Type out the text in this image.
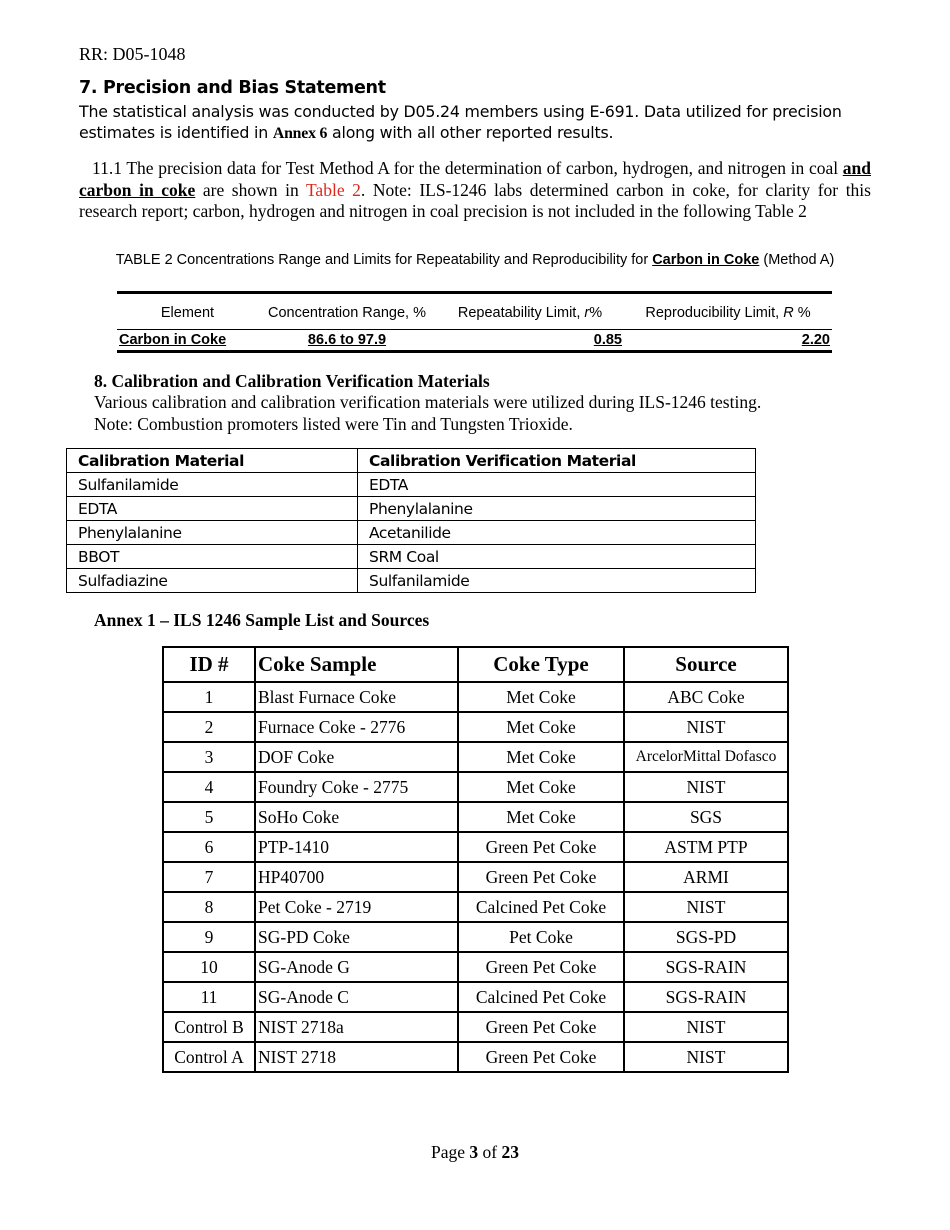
RR: D05-1048
7. Precision and Bias Statement
The statistical analysis was conducted by D05.24 members using E-691. Data utilized for precision estimates is identified in Annex 6 along with all other reported results.
11.1 The precision data for Test Method A for the determination of carbon, hydrogen, and nitrogen in coal and carbon in coke are shown in Table 2. Note: ILS-1246 labs determined carbon in coke, for clarity for this research report; carbon, hydrogen and nitrogen in coal precision is not included in the following Table 2
TABLE 2 Concentrations Range and Limits for Repeatability and Reproducibility for Carbon in Coke (Method A)
Element	Concentration Range, %	Repeatability Limit, r%	Reproducibility Limit, R %
Carbon in Coke	86.6 to 97.9	0.85	2.20
8. Calibration and Calibration Verification Materials
Various calibration and calibration verification materials were utilized during ILS-1246 testing.
Note: Combustion promoters listed were Tin and Tungsten Trioxide.
Calibration Material	Calibration Verification Material
Sulfanilamide	EDTA
EDTA	Phenylalanine
Phenylalanine	Acetanilide
BBOT	SRM Coal
Sulfadiazine	Sulfanilamide
Annex 1 – ILS 1246 Sample List and Sources
ID #	Coke Sample	Coke Type	Source
1	Blast Furnace Coke	Met Coke	ABC Coke
2	Furnace Coke - 2776	Met Coke	NIST
3	DOF Coke	Met Coke	ArcelorMittal Dofasco
4	Foundry Coke - 2775	Met Coke	NIST
5	SoHo Coke	Met Coke	SGS
6	PTP-1410	Green Pet Coke	ASTM PTP
7	HP40700	Green Pet Coke	ARMI
8	Pet Coke - 2719	Calcined Pet Coke	NIST
9	SG-PD Coke	Pet Coke	SGS-PD
10	SG-Anode G	Green Pet Coke	SGS-RAIN
11	SG-Anode C	Calcined Pet Coke	SGS-RAIN
Control B	NIST 2718a	Green Pet Coke	NIST
Control A	NIST 2718	Green Pet Coke	NIST
Page 3 of 23
